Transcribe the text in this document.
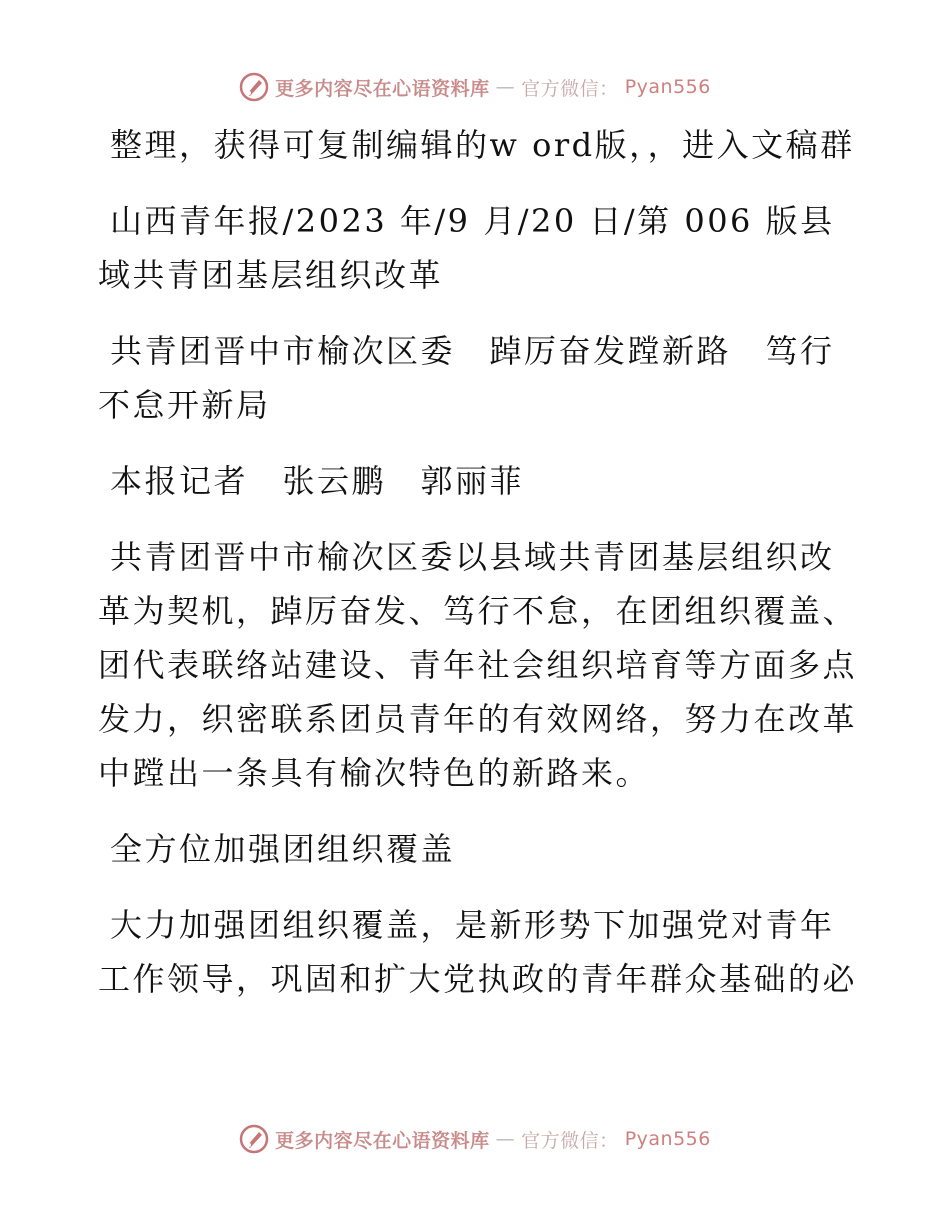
更多内容尽在心语资料库 — 官方微信： Pyan556

整理，获得可复制编辑的w ord版，，进入文稿群

山西青年报/2023 年/9 月/20 日/第 006 版县域共青团基层组织改革

共青团晋中市榆次区委　踔厉奋发蹚新路　笃行不怠开新局

本报记者　张云鹏　郭丽菲

共青团晋中市榆次区委以县域共青团基层组织改革为契机，踔厉奋发、笃行不怠，在团组织覆盖、团代表联络站建设、青年社会组织培育等方面多点发力，织密联系团员青年的有效网络，努力在改革中蹚出一条具有榆次特色的新路来。

全方位加强团组织覆盖

大力加强团组织覆盖，是新形势下加强党对青年工作领导，巩固和扩大党执政的青年群众基础的必

更多内容尽在心语资料库 — 官方微信： Pyan556
